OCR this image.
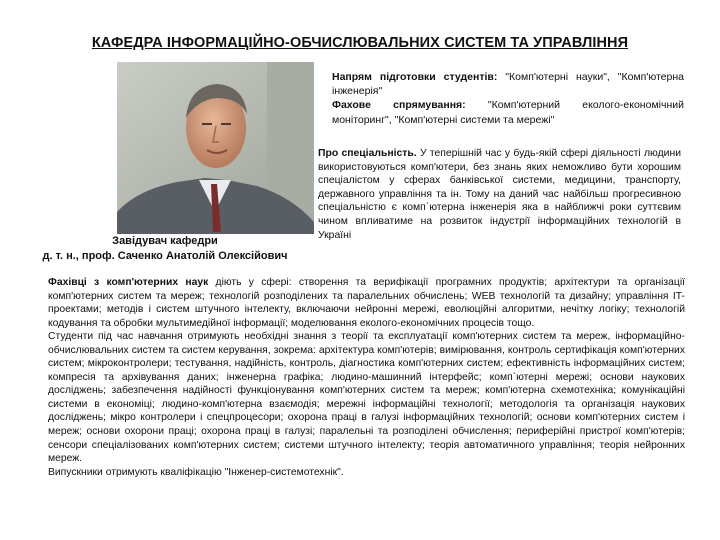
КАФЕДРА ІНФОРМАЦІЙНО-ОБЧИСЛЮВАЛЬНИХ СИСТЕМ ТА УПРАВЛІННЯ
Завідувач кафедри
д. т. н., проф. Саченко Анатолій Олексійович

Напрям підготовки студентів: "Комп'ютерні науки", "Комп'ютерна інженерія"

Фахове спрямування: "Комп'ютерний еколого-економічний моніторинг", "Комп'ютерні системи та мережі"

Про спеціальність. У теперішній час у будь-якій сфері діяльності людини використовуються комп'ютери, без знань яких неможливо бути хорошим спеціалістом у сферах банківської системи, медицини, транспорту, державного управління та ін. Тому на даний час найбільш прогресивною спеціальністю є комп`ютерна інженерія яка в найближчі роки суттєвим чином впливатиме на розвиток індустрії інформаційних технологій в Україні

Фахівці з комп'ютерних наук діють у сфері: створення та верифікації програмних продуктів; архітектури та організації комп'ютерних систем та мереж; технологій розподілених та паралельних обчислень; WEB технологій та дизайну; управління IT-проектами; методів і систем штучного інтелекту, включаючи нейронні мережі, еволюційні алгоритми, нечітку логіку; технологій кодування та обробки мультимедійної інформації; моделювання еколого-економічних процесів тощо.

Студенти під час навчання отримують необхідні знання з теорії та експлуатації комп'ютерних систем та мереж, інформаційно-обчислювальних систем та систем керування, зокрема: архітектура комп'ютерів; вимірювання, контроль сертифікація комп'ютерних систем; мікроконтролери; тестування, надійність, контроль, діагностика комп'ютерних систем; ефективність інформаційних систем; компресія та архівування даних; інженерна графіка; людино-машинний інтерфейс; комп`ютерні мережі; основи наукових досліджень; забезпечення надійності функціонування комп'ютерних систем та мереж; комп'ютерна схемотехніка; комунікаційні системи в економіці; людино-комп'ютерна взаємодія; мережні інформаційні технології; методологія та організація наукових досліджень; мікро контролери і спецпроцесори; охорона праці в галузі інформаційних технологій; основи комп'ютерних систем і мереж; основи охорони праці; охорона праці в галузі; паралельні та розподілені обчислення; периферійні пристрої комп'ютерів; сенсори спеціалізованих комп'ютерних систем; системи штучного інтелекту; теорія автоматичного управління; теорія нейронних мереж.

Випускники отримують кваліфікацію "Інженер-системотехнік".
